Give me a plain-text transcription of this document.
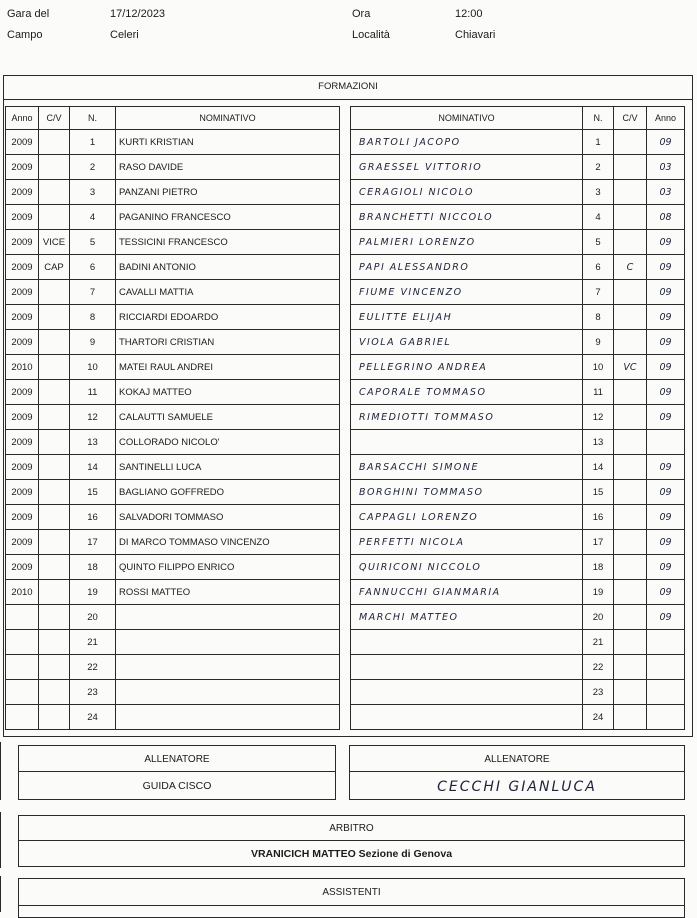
Gara del	17/12/2023	Ora	12:00
Campo	Celeri	Località	Chiavari
FORMAZIONI
Anno	C/V	N.	NOMINATIVO
2009		1	KURTI KRISTIAN
2009		2	RASO DAVIDE
2009		3	PANZANI PIETRO
2009		4	PAGANINO FRANCESCO
2009	VICE	5	TESSICINI FRANCESCO
2009	CAP	6	BADINI ANTONIO
2009		7	CAVALLI MATTIA
2009		8	RICCIARDI EDOARDO
2009		9	THARTORI CRISTIAN
2010		10	MATEI RAUL ANDREI
2009		11	KOKAJ MATTEO
2009		12	CALAUTTI SAMUELE
2009		13	COLLORADO NICOLO'
2009		14	SANTINELLI LUCA
2009		15	BAGLIANO GOFFREDO
2009		16	SALVADORI TOMMASO
2009		17	DI MARCO TOMMASO VINCENZO
2009		18	QUINTO FILIPPO ENRICO
2010		19	ROSSI MATTEO
		20	
		21	
		22	
		23	
		24	
NOMINATIVO	N.	C/V	Anno
BARTOLI JACOPO	1		09
GRAESSEL VITTORIO	2		03
CERAGIOLI NICOLO	3		03
BRANCHETTI NICCOLO	4		08
PALMIERI LORENZO	5		09
PAPI ALESSANDRO	6	C	09
FIUME VINCENZO	7		09
EULITTE ELIJAH	8		09
VIOLA GABRIEL	9		09
PELLEGRINO ANDREA	10	VC	09
CAPORALE TOMMASO	11		09
RIMEDIOTTI TOMMASO	12		09
	13		
BARSACCHI SIMONE	14		09
BORGHINI TOMMASO	15		09
CAPPAGLI LORENZO	16		09
PERFETTI NICOLA	17		09
QUIRICONI NICCOLO	18		09
FANNUCCHI GIANMARIA	19		09
MARCHI MATTEO	20		09
	21		
	22		
	23		
	24		
ALLENATORE
GUIDA CISCO
ALLENATORE
CECCHI GIANLUCA
ARBITRO
VRANICICH MATTEO Sezione di Genova
ASSISTENTI
